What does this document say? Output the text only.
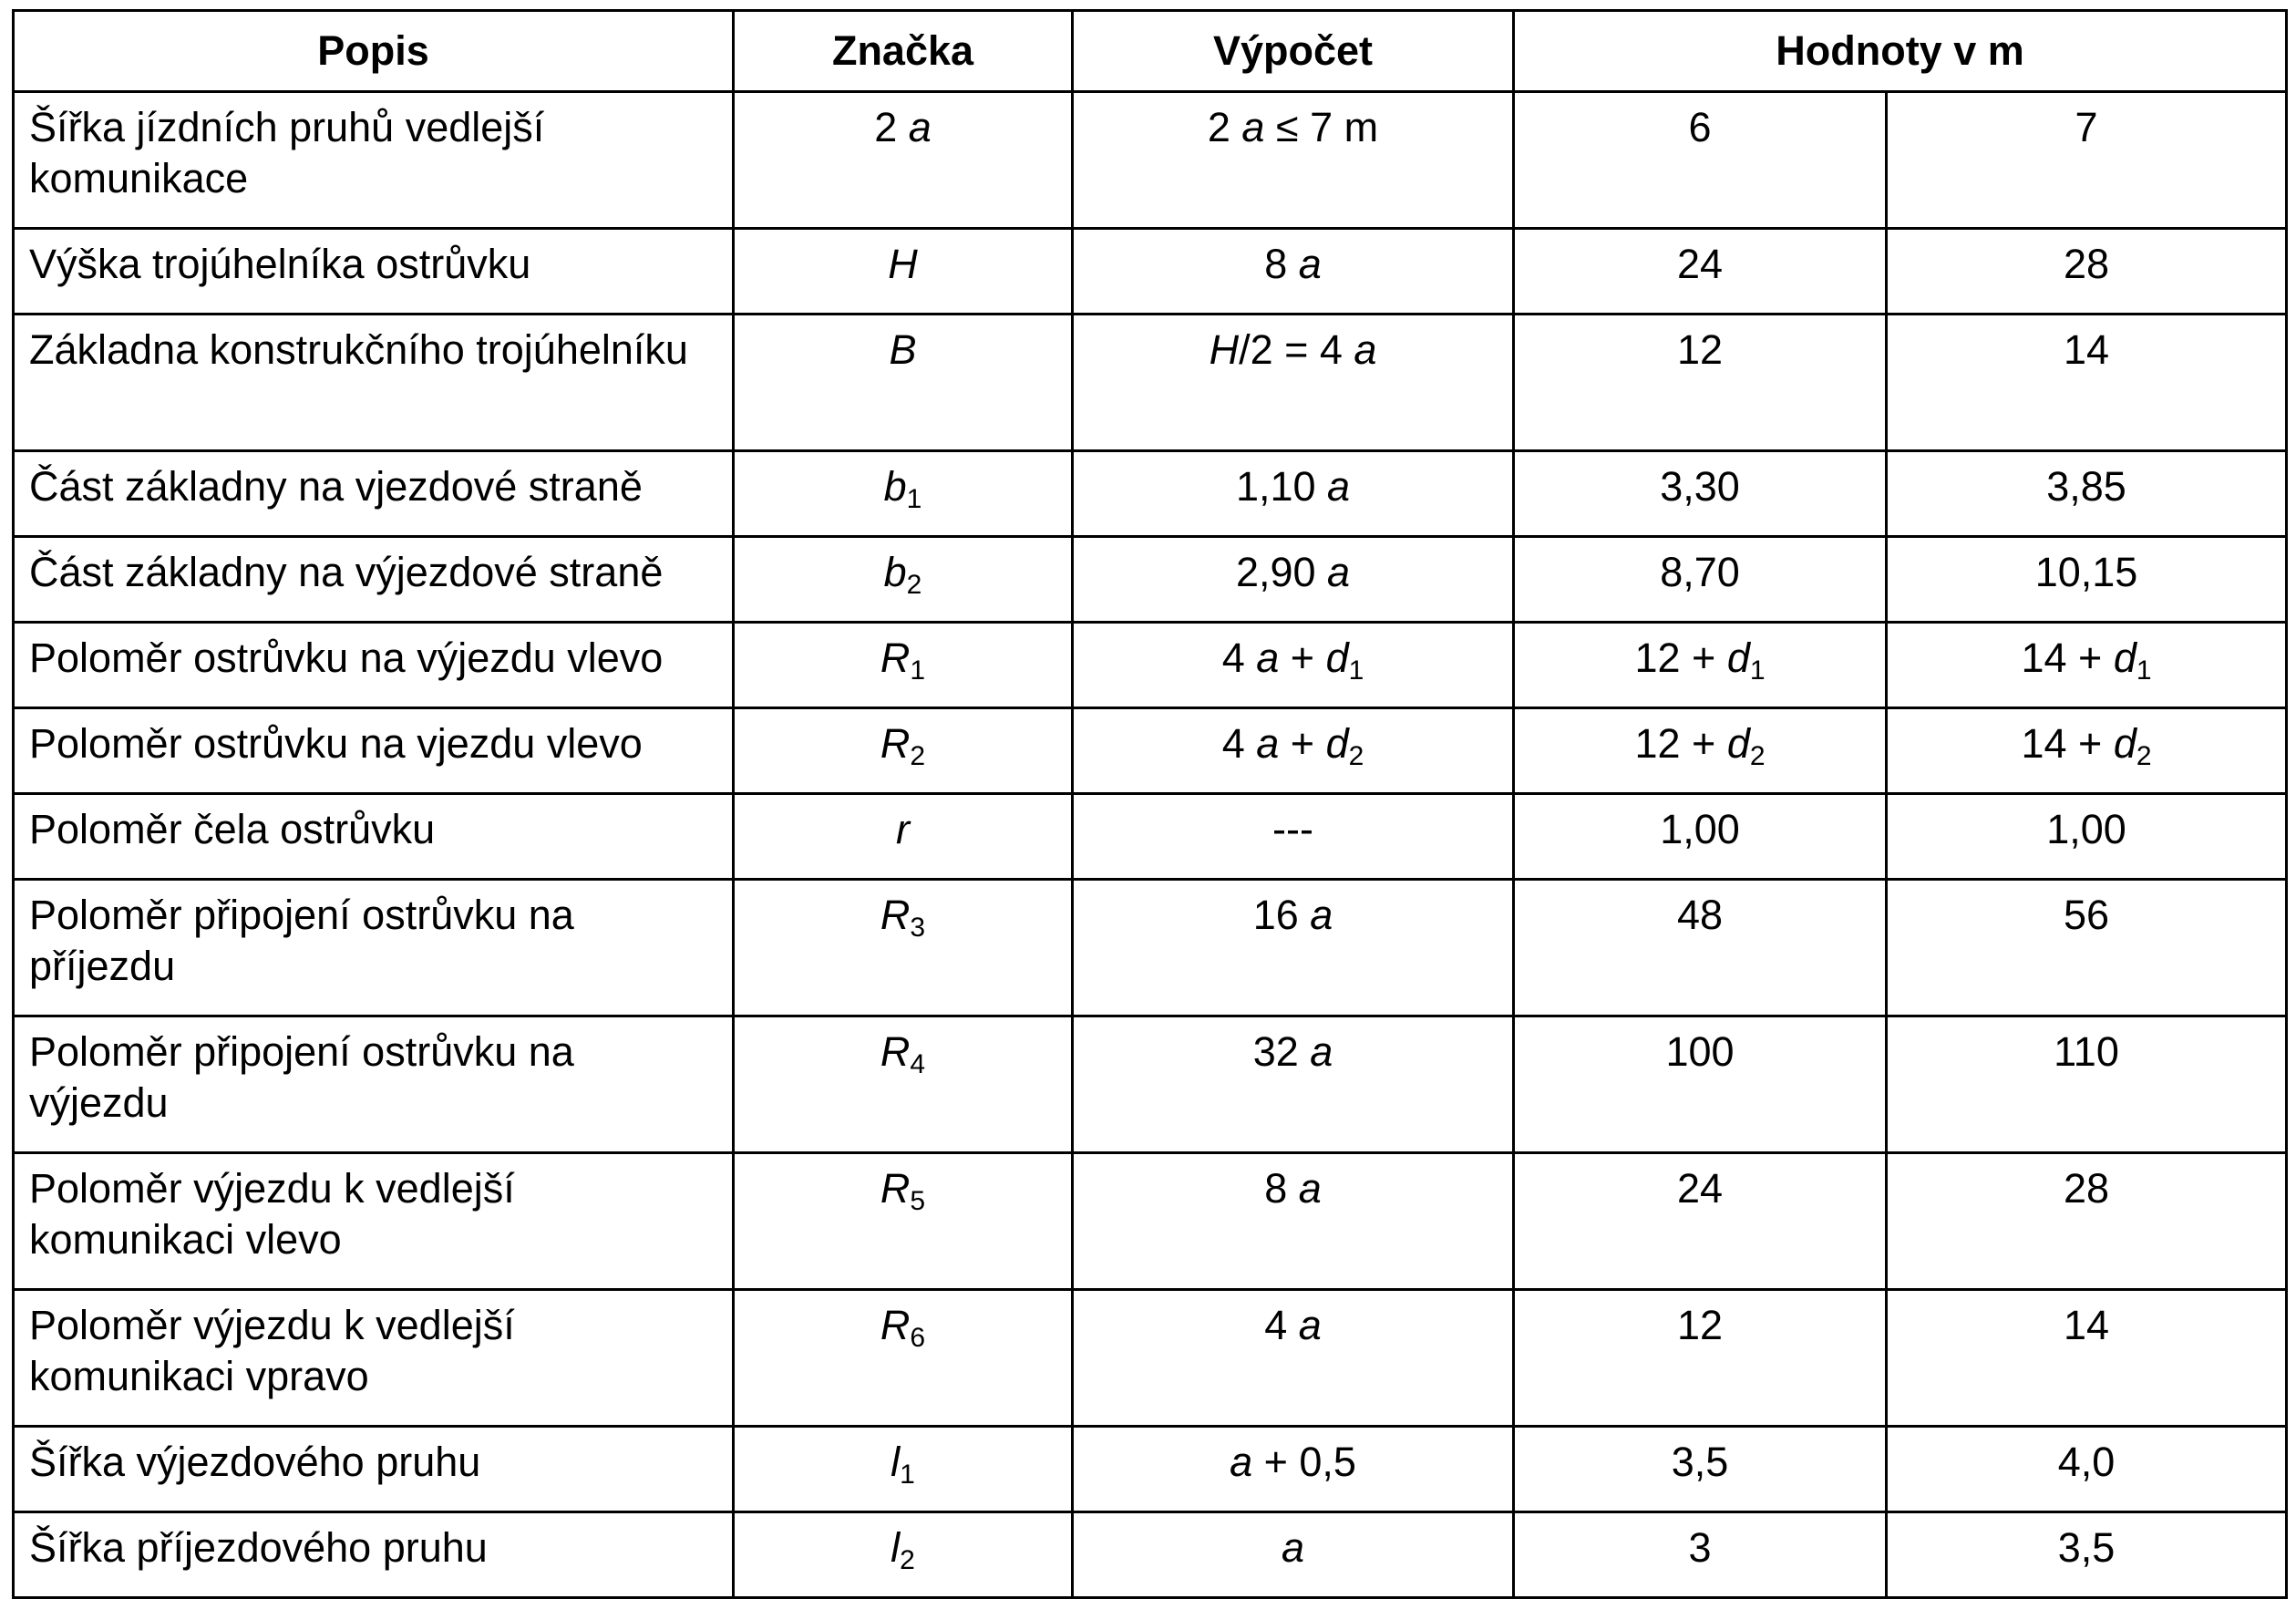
Popis	Značka	Výpočet	Hodnoty v m	
Šířka jízdních pruhů vedlejší komunikace	2 a	2 a ≤ 7 m	6	7
Výška trojúhelníka ostrůvku	H	8 a	24	28
Základna konstrukčního trojúhelníku	B	H/2 = 4 a	12	14
Část základny na vjezdové straně	$b_1$	1,10 a	3,30	3,85
Část základny na výjezdové straně	$b_2$	2,90 a	8,70	10,15
Poloměr ostrůvku na výjezdu vlevo	$R_1$	4 $a + d_1$	$12 + d_1$	$14 + d_1$
Poloměr ostrůvku na vjezdu vlevo	$R_2$	4 $a + d_2$	$12 + d_2$	$14 + d_2$
Poloměr čela ostrůvku	r	---	1,00	1,00
Poloměr připojení ostrůvku na příjezdu	$R_3$	16 a	48	56
Poloměr připojení ostrůvku na výjezdu	$R_4$	32 a	100	110
Poloměr výjezdu k vedlejší komunikaci vlevo	$R_5$	8 a	24	28
Poloměr výjezdu k vedlejší komunikaci vpravo	$R_6$	4 a	12	14
Šířka výjezdového pruhu	$l_1$	a + 0,5	3,5	4,0
Šířka příjezdového pruhu	$l_2$	a	3	3,5
